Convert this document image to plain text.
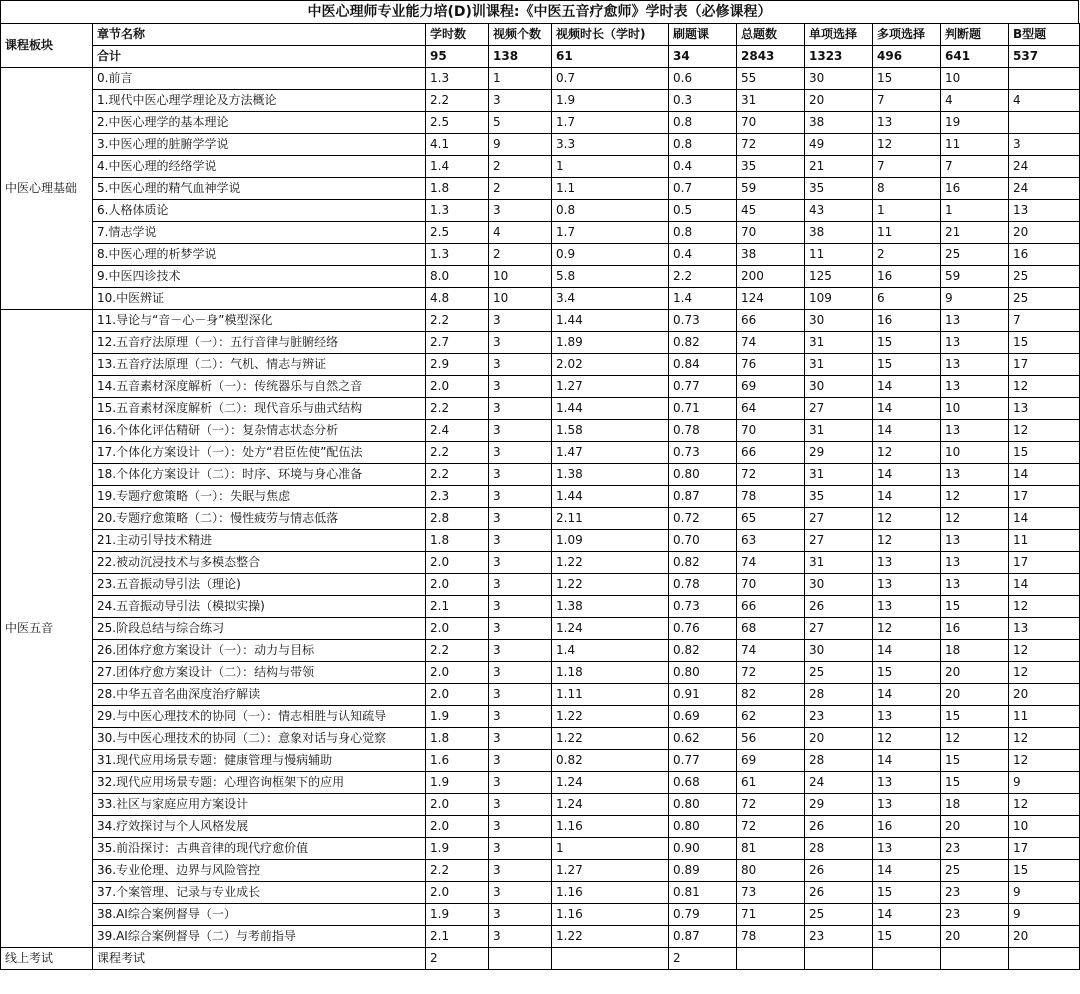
中医心理师专业能力培(D)训课程:《中医五音疗愈师》学时表（必修课程）
课程板块	章节名称	学时数	视频个数	视频时长（学时)	刷题课	总题数	单项选择	多项选择	判断题	B型题
	合计	95	138	61	34	2843	1323	496	641	537
中医心理基础	0.前言	1.3	1	0.7	0.6	55	30	15	10	
	1.现代中医心理学理论及方法概论	2.2	3	1.9	0.3	31	20	7	4	4
	2.中医心理学的基本理论	2.5	5	1.7	0.8	70	38	13	19	
	3.中医心理的脏腑学学说	4.1	9	3.3	0.8	72	49	12	11	3
	4.中医心理的经络学说	1.4	2	1	0.4	35	21	7	7	24
	5.中医心理的精气血神学说	1.8	2	1.1	0.7	59	35	8	16	24
	6.人格体质论	1.3	3	0.8	0.5	45	43	1	1	13
	7.情志学说	2.5	4	1.7	0.8	70	38	11	21	20
	8.中医心理的析梦学说	1.3	2	0.9	0.4	38	11	2	25	16
	9.中医四诊技术	8.0	10	5.8	2.2	200	125	16	59	25
	10.中医辨证	4.8	10	3.4	1.4	124	109	6	9	25
中医五音	11.导论与“音－心－身”模型深化	2.2	3	1.44	0.73	66	30	16	13	7
	12.五音疗法原理（一）：五行音律与脏腑经络	2.7	3	1.89	0.82	74	31	15	13	15
	13.五音疗法原理（二）：气机、情志与辨证	2.9	3	2.02	0.84	76	31	15	13	17
	14.五音素材深度解析（一）：传统器乐与自然之音	2.0	3	1.27	0.77	69	30	14	13	12
	15.五音素材深度解析（二）：现代音乐与曲式结构	2.2	3	1.44	0.71	64	27	14	10	13
	16.个体化评估精研（一）：复杂情志状态分析	2.4	3	1.58	0.78	70	31	14	13	12
	17.个体化方案设计（一）：处方“君臣佐使”配伍法	2.2	3	1.47	0.73	66	29	12	10	15
	18.个体化方案设计（二）：时序、环境与身心准备	2.2	3	1.38	0.80	72	31	14	13	14
	19.专题疗愈策略（一）：失眠与焦虑	2.3	3	1.44	0.87	78	35	14	12	17
	20.专题疗愈策略（二）：慢性疲劳与情志低落	2.8	3	2.11	0.72	65	27	12	12	14
	21.主动引导技术精进	1.8	3	1.09	0.70	63	27	12	13	11
	22.被动沉浸技术与多模态整合	2.0	3	1.22	0.82	74	31	13	13	17
	23.五音振动导引法（理论)	2.0	3	1.22	0.78	70	30	13	13	14
	24.五音振动导引法（模拟实操)	2.1	3	1.38	0.73	66	26	13	15	12
	25.阶段总结与综合练习	2.0	3	1.24	0.76	68	27	12	16	13
	26.团体疗愈方案设计（一）：动力与目标	2.2	3	1.4	0.82	74	30	14	18	12
	27.团体疗愈方案设计（二）：结构与带领	2.0	3	1.18	0.80	72	25	15	20	12
	28.中华五音名曲深度治疗解读	2.0	3	1.11	0.91	82	28	14	20	20
	29.与中医心理技术的协同（一）：情志相胜与认知疏导	1.9	3	1.22	0.69	62	23	13	15	11
	30.与中医心理技术的协同（二）：意象对话与身心觉察	1.8	3	1.22	0.62	56	20	12	12	12
	31.现代应用场景专题：健康管理与慢病辅助	1.6	3	0.82	0.77	69	28	14	15	12
	32.现代应用场景专题：心理咨询框架下的应用	1.9	3	1.24	0.68	61	24	13	15	9
	33.社区与家庭应用方案设计	2.0	3	1.24	0.80	72	29	13	18	12
	34.疗效探讨与个人风格发展	2.0	3	1.16	0.80	72	26	16	20	10
	35.前沿探讨：古典音律的现代疗愈价值	1.9	3	1	0.90	81	28	13	23	17
	36.专业伦理、边界与风险管控	2.2	3	1.27	0.89	80	26	14	25	15
	37.个案管理、记录与专业成长	2.0	3	1.16	0.81	73	26	15	23	9
	38.AI综合案例督导（一）	1.9	3	1.16	0.79	71	25	14	23	9
	39.AI综合案例督导（二）与考前指导	2.1	3	1.22	0.87	78	23	15	20	20
线上考试	课程考试	2			2					
